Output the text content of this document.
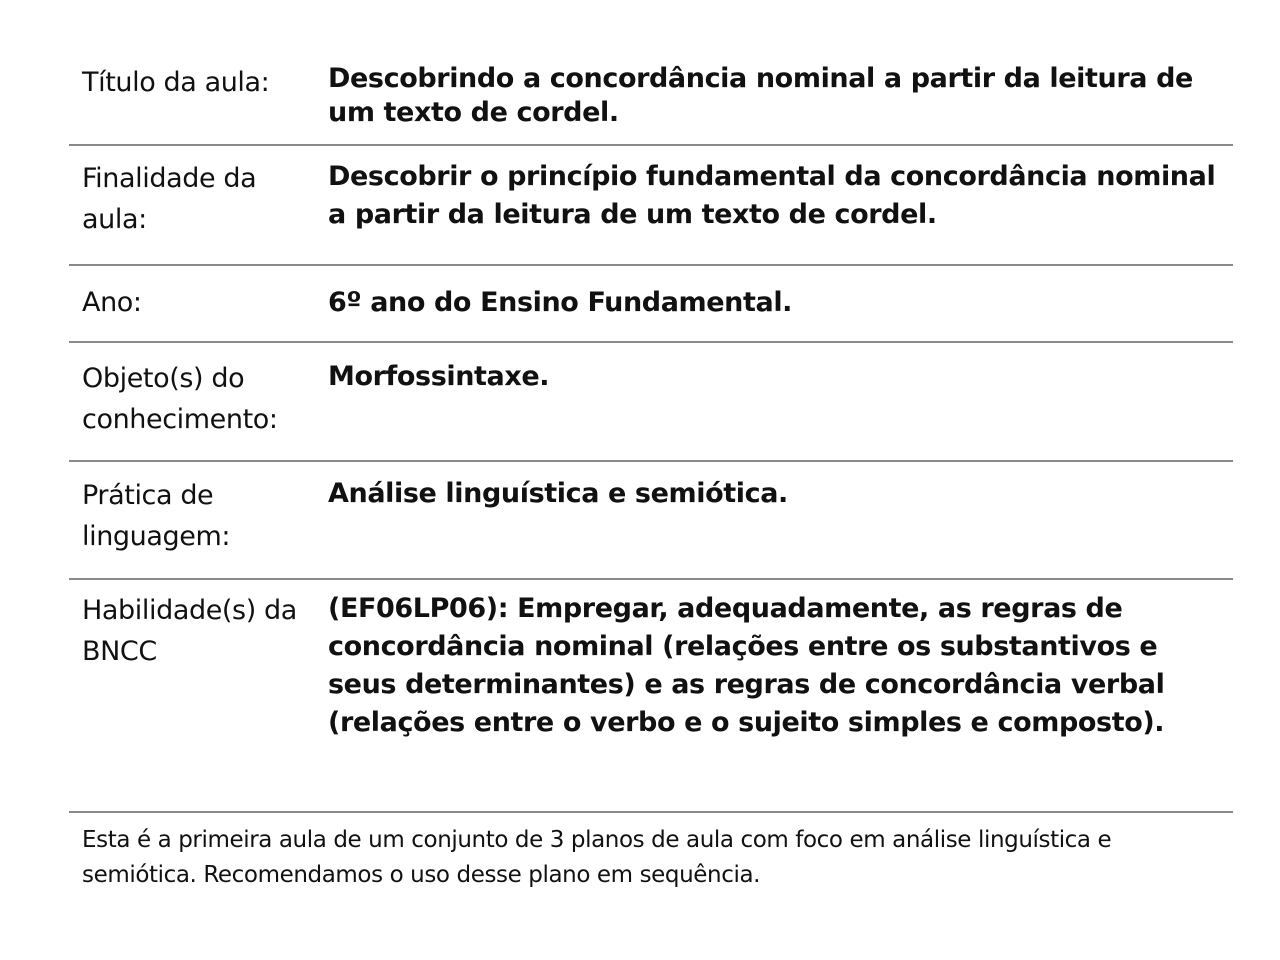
Título da aula:	Descobrindo a concordância nominal a partir da leitura de um texto de cordel.
Finalidade da aula:
Descobrir o princípio fundamental da concordância nominal a partir da leitura de um texto de cordel.
Ano:	6º ano do Ensino Fundamental.
Objeto(s) do conhecimento:
Morfossintaxe.
Prática de linguagem:
Análise linguística e semiótica.
Habilidade(s) da BNCC
(EF06LP06): Empregar, adequadamente, as regras de concordância nominal (relações entre os substantivos e seus determinantes) e as regras de concordância verbal (relações entre o verbo e o sujeito simples e composto).
Esta é a primeira aula de um conjunto de 3 planos de aula com foco em análise linguística e semiótica. Recomendamos o uso desse plano em sequência.
